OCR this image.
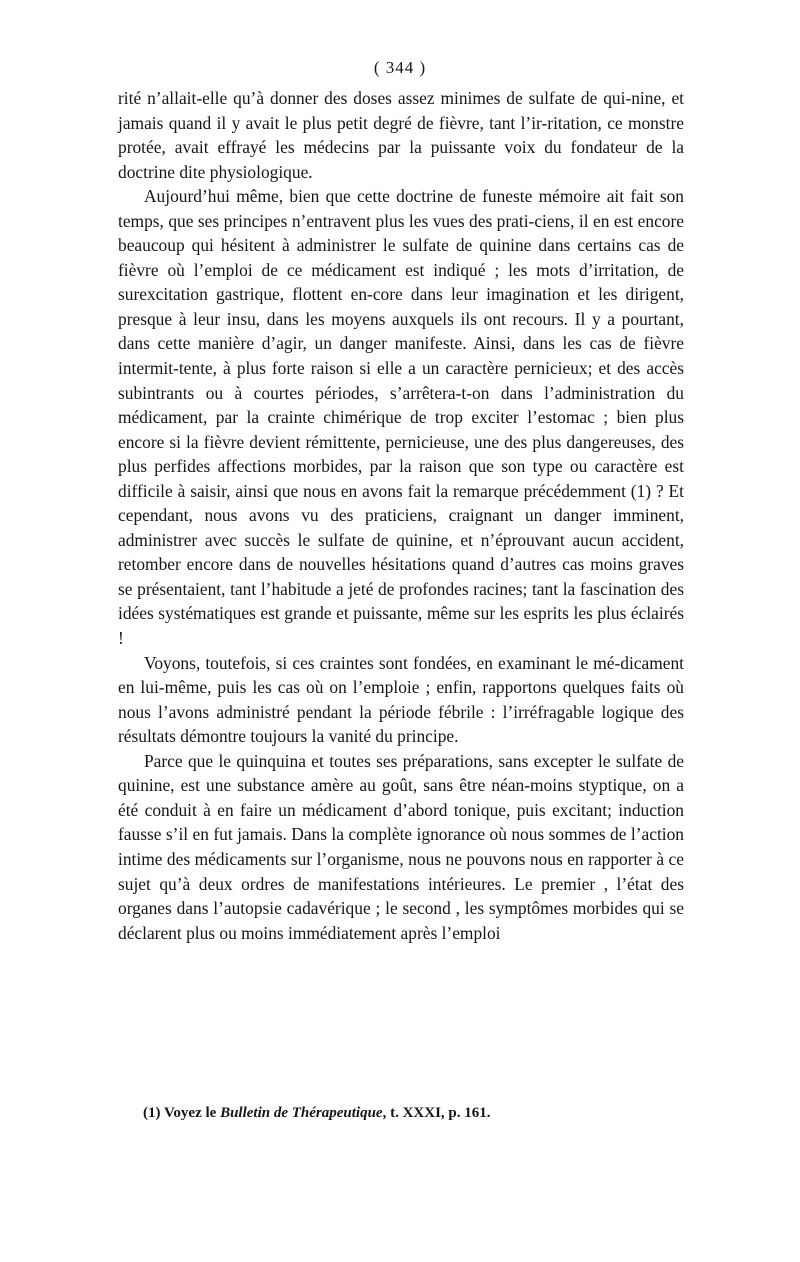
( 344 )

rité n’allait-elle qu’à donner des doses assez minimes de sulfate de qui-nine, et jamais quand il y avait le plus petit degré de fièvre, tant l’ir-ritation, ce monstre protée, avait effrayé les médecins par la puissante voix du fondateur de la doctrine dite physiologique.

Aujourd’hui même, bien que cette doctrine de funeste mémoire ait fait son temps, que ses principes n’entravent plus les vues des prati-ciens, il en est encore beaucoup qui hésitent à administrer le sulfate de quinine dans certains cas de fièvre où l’emploi de ce médicament est indiqué ; les mots d’irritation, de surexcitation gastrique, flottent en-core dans leur imagination et les dirigent, presque à leur insu, dans les moyens auxquels ils ont recours. Il y a pourtant, dans cette manière d’agir, un danger manifeste. Ainsi, dans les cas de fièvre intermit-tente, à plus forte raison si elle a un caractère pernicieux; et des accès subintrants ou à courtes périodes, s’arrêtera-t-on dans l’administration du médicament, par la crainte chimérique de trop exciter l’estomac ; bien plus encore si la fièvre devient rémittente, pernicieuse, une des plus dangereuses, des plus perfides affections morbides, par la raison que son type ou caractère est difficile à saisir, ainsi que nous en avons fait la remarque précédemment (1) ? Et cependant, nous avons vu des praticiens, craignant un danger imminent, administrer avec succès le sulfate de quinine, et n’éprouvant aucun accident, retomber encore dans de nouvelles hésitations quand d’autres cas moins graves se présentaient, tant l’habitude a jeté de profondes racines; tant la fascination des idées systématiques est grande et puissante, même sur les esprits les plus éclairés !

Voyons, toutefois, si ces craintes sont fondées, en examinant le mé-dicament en lui-même, puis les cas où on l’emploie ; enfin, rapportons quelques faits où nous l’avons administré pendant la période fébrile : l’irréfragable logique des résultats démontre toujours la vanité du principe.

Parce que le quinquina et toutes ses préparations, sans excepter le sulfate de quinine, est une substance amère au goût, sans être néan-moins styptique, on a été conduit à en faire un médicament d’abord tonique, puis excitant; induction fausse s’il en fut jamais. Dans la complète ignorance où nous sommes de l’action intime des médicaments sur l’organisme, nous ne pouvons nous en rapporter à ce sujet qu’à deux ordres de manifestations intérieures. Le premier , l’état des organes dans l’autopsie cadavérique ; le second , les symptômes morbides qui se déclarent plus ou moins immédiatement après l’emploi

(1) Voyez le Bulletin de Thérapeutique, t. XXXI, p. 161.
